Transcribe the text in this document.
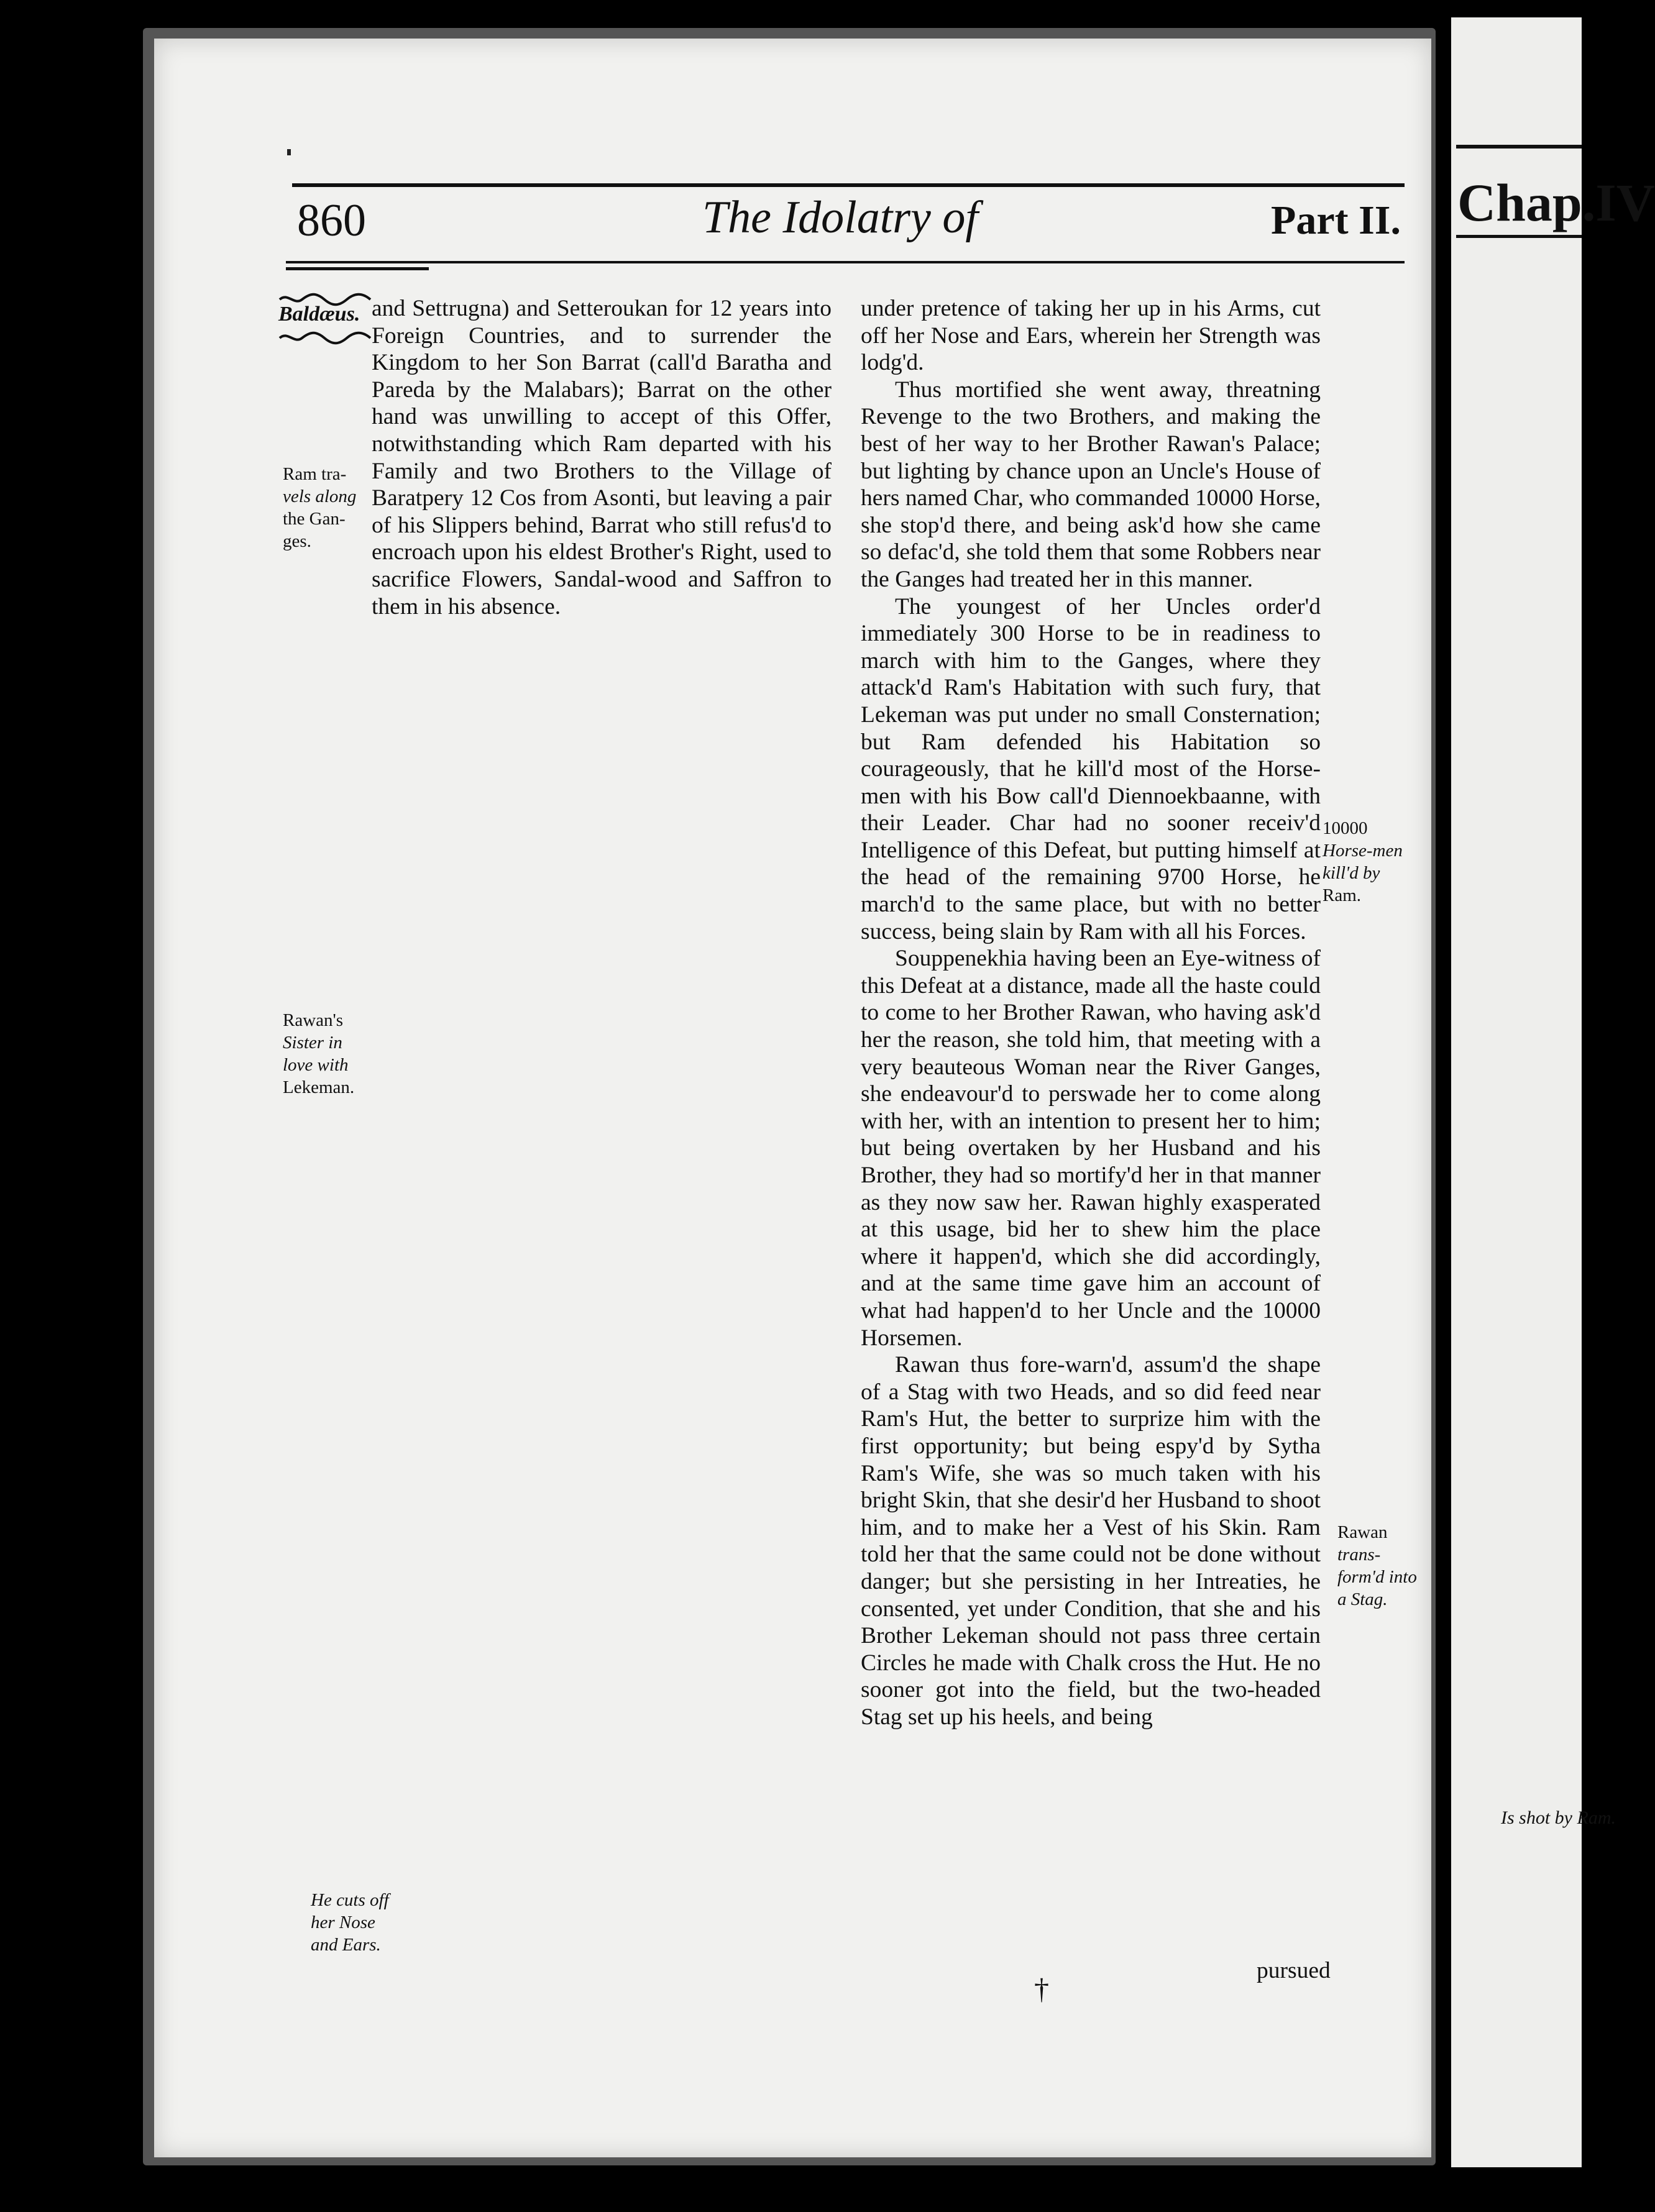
Chap.IV
Is shot by Ram.
860	The Idolatry of	Part II.
Baldæus.
Ram tra-
vels along
the Gan-
ges.
Rawan's
Sister in
love with
Lekeman.
He cuts off
her Nose
and Ears.
10000
Horse-men
kill'd by
Ram.
Rawan
trans-
form'd into
a Stag.

and Settrugna) and Setteroukan for 12 years into Foreign Countries, and to surrender the Kingdom to her Son Barrat (call'd Baratha and Pareda by the Malabars); Barrat on the other hand was unwilling to accept of this Offer, notwithstanding which Ram departed with his Family and two Brothers to the Village of Baratpery 12 Cos from Asonti, but leaving a pair of his Slippers behind, Barrat who still refus'd to encroach upon his eldest Brother's Right, used to sacrifice Flowers, Sandal-wood and Saffron to them in his absence.

under pretence of taking her up in his Arms, cut off her Nose and Ears, wherein her Strength was lodg'd.

Thus mortified she went away, threatning Revenge to the two Brothers, and making the best of her way to her Brother Rawan's Palace; but lighting by chance upon an Uncle's House of hers named Char, who commanded 10000 Horse, she stop'd there, and being ask'd how she came so defac'd, she told them that some Robbers near the Ganges had treated her in this manner.

The youngest of her Uncles order'd immediately 300 Horse to be in readiness to march with him to the Ganges, where they attack'd Ram's Habitation with such fury, that Lekeman was put under no small Consternation; but Ram defended his Habitation so courageously, that he kill'd most of the Horse-men with his Bow call'd Diennoekbaanne, with their Leader. Char had no sooner receiv'd Intelligence of this Defeat, but putting himself at the head of the remaining 9700 Horse, he march'd to the same place, but with no better success, being slain by Ram with all his Forces.

Souppenekhia having been an Eye-witness of this Defeat at a distance, made all the haste could to come to her Brother Rawan, who having ask'd her the reason, she told him, that meeting with a very beauteous Woman near the River Ganges, she endeavour'd to perswade her to come along with her, with an intention to present her to him; but being overtaken by her Husband and his Brother, they had so mortify'd her in that manner as they now saw her. Rawan highly exasperated at this usage, bid her to shew him the place where it happen'd, which she did accordingly, and at the same time gave him an account of what had happen'd to her Uncle and the 10000 Horsemen.

Rawan thus fore-warn'd, assum'd the shape of a Stag with two Heads, and so did feed near Ram's Hut, the better to surprize him with the first opportunity; but being espy'd by Sytha Ram's Wife, she was so much taken with his bright Skin, that she desir'd her Husband to shoot him, and to make her a Vest of his Skin. Ram told her that the same could not be done without danger; but she persisting in her Intreaties, he consented, yet under Condition, that she and his Brother Lekeman should not pass three certain Circles he made with Chalk cross the Hut. He no sooner got into the field, but the two-headed Stag set up his heels, and being

†
pursued
